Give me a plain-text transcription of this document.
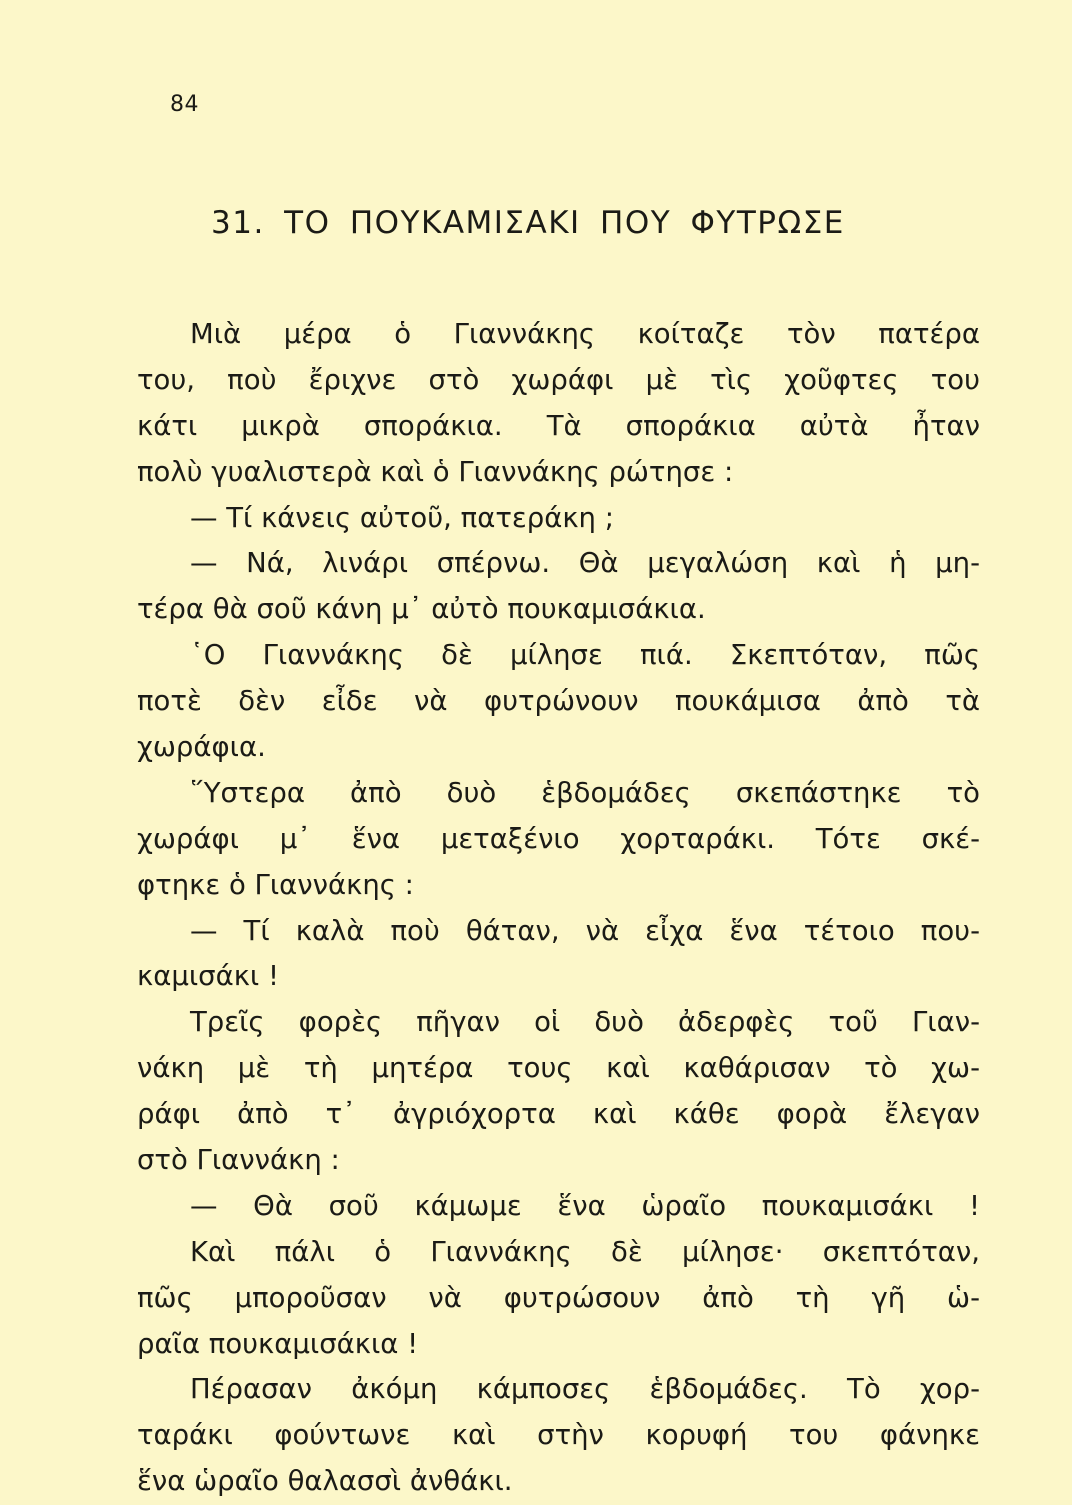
84
31. ΤΟ ΠΟΥΚΑΜΙΣΑΚΙ ΠΟΥ ΦΥΤΡΩΣΕ
Μιὰ μέρα ὁ Γιαννάκης κοίταζε τὸν πατέρα
του, ποὺ ἔριχνε στὸ χωράφι μὲ τὶς χοῦφτες του
κάτι μικρὰ σποράκια. Τὰ σποράκια αὐτὰ ἦταν
πολὺ γυαλιστερὰ καὶ ὁ Γιαννάκης ρώτησε :
— Τί κάνεις αὐτοῦ, πατεράκη ;
— Νά, λινάρι σπέρνω. Θὰ μεγαλώση καὶ ἡ μη-
τέρα θὰ σοῦ κάνη μ᾿ αὐτὸ πουκαμισάκια.
῾Ο Γιαννάκης δὲ μίλησε πιά. Σκεπτόταν, πῶς
ποτὲ δὲν εἶδε νὰ φυτρώνουν πουκάμισα ἀπὸ τὰ
χωράφια.
῞Υστερα ἀπὸ δυὸ ἑβδομάδες σκεπάστηκε τὸ
χωράφι μ᾿ ἕνα μεταξένιο χορταράκι. Τότε σκέ-
φτηκε ὁ Γιαννάκης :
— Τί καλὰ ποὺ θάταν, νὰ εἶχα ἕνα τέτοιο που-
καμισάκι !
Τρεῖς φορὲς πῆγαν οἱ δυὸ ἀδερφὲς τοῦ Γιαν-
νάκη μὲ τὴ μητέρα τους καὶ καθάρισαν τὸ χω-
ράφι ἀπὸ τ᾿ ἀγριόχορτα καὶ κάθε φορὰ ἔλεγαν
στὸ Γιαννάκη :
— Θὰ σοῦ κάμωμε ἕνα ὡραῖο πουκαμισάκι !
Καὶ πάλι ὁ Γιαννάκης δὲ μίλησε· σκεπτόταν,
πῶς μποροῦσαν νὰ φυτρώσουν ἀπὸ τὴ γῆ ὡ-
ραῖα πουκαμισάκια !
Πέρασαν ἀκόμη κάμποσες ἑβδομάδες. Τὸ χορ-
ταράκι φούντωνε καὶ στὴν κορυφή του φάνηκε
ἕνα ὡραῖο θαλασσὶ ἀνθάκι.
